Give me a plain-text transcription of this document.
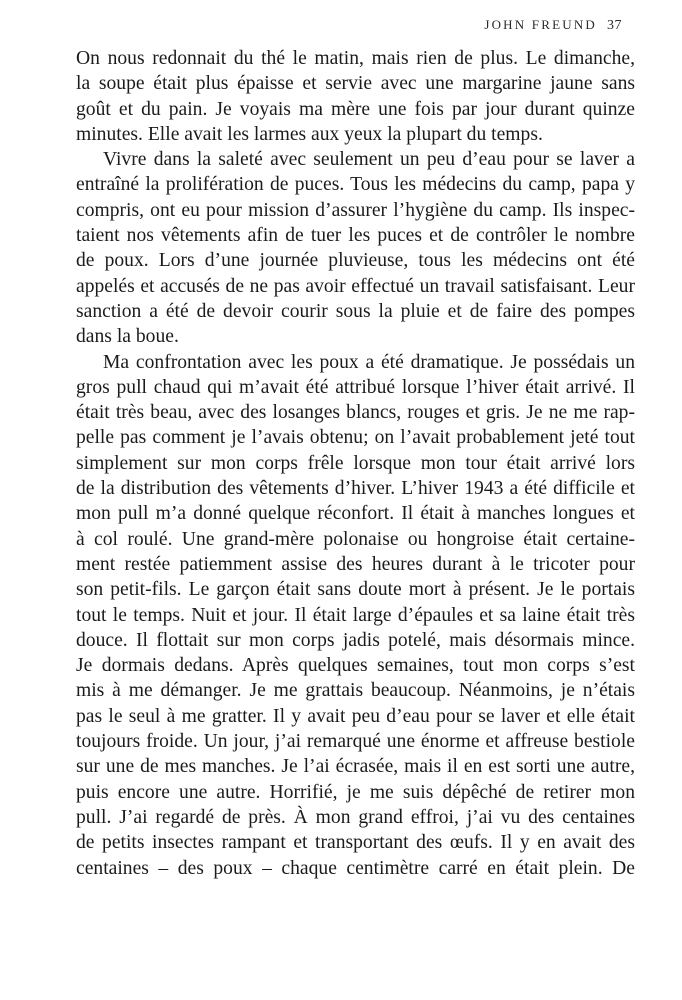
JOHN FREUND 37

On nous redonnait du thé le matin, mais rien de plus. Le dimanche,
la soupe était plus épaisse et servie avec une margarine jaune sans
goût et du pain. Je voyais ma mère une fois par jour durant quinze
minutes. Elle avait les larmes aux yeux la plupart du temps.

Vivre dans la saleté avec seulement un peu d’eau pour se laver a
entraîné la prolifération de puces. Tous les médecins du camp, papa y
compris, ont eu pour mission d’assurer l’hygiène du camp. Ils inspec-
taient nos vêtements afin de tuer les puces et de contrôler le nombre
de poux. Lors d’une journée pluvieuse, tous les médecins ont été
appelés et accusés de ne pas avoir effectué un travail satisfaisant. Leur
sanction a été de devoir courir sous la pluie et de faire des pompes
dans la boue.

Ma confrontation avec les poux a été dramatique. Je possédais un
gros pull chaud qui m’avait été attribué lorsque l’hiver était arrivé. Il
était très beau, avec des losanges blancs, rouges et gris. Je ne me rap-
pelle pas comment je l’avais obtenu; on l’avait probablement jeté tout
simplement sur mon corps frêle lorsque mon tour était arrivé lors
de la distribution des vêtements d’hiver. L’hiver 1943 a été difficile et
mon pull m’a donné quelque réconfort. Il était à manches longues et
à col roulé. Une grand-mère polonaise ou hongroise était certaine-
ment restée patiemment assise des heures durant à le tricoter pour
son petit-fils. Le garçon était sans doute mort à présent. Je le portais
tout le temps. Nuit et jour. Il était large d’épaules et sa laine était très
douce. Il flottait sur mon corps jadis potelé, mais désormais mince.
Je dormais dedans. Après quelques semaines, tout mon corps s’est
mis à me démanger. Je me grattais beaucoup. Néanmoins, je n’étais
pas le seul à me gratter. Il y avait peu d’eau pour se laver et elle était
toujours froide. Un jour, j’ai remarqué une énorme et affreuse bestiole
sur une de mes manches. Je l’ai écrasée, mais il en est sorti une autre,
puis encore une autre. Horrifié, je me suis dépêché de retirer mon
pull. J’ai regardé de près. À mon grand effroi, j’ai vu des centaines
de petits insectes rampant et transportant des œufs. Il y en avait des
centaines – des poux – chaque centimètre carré en était plein. De
